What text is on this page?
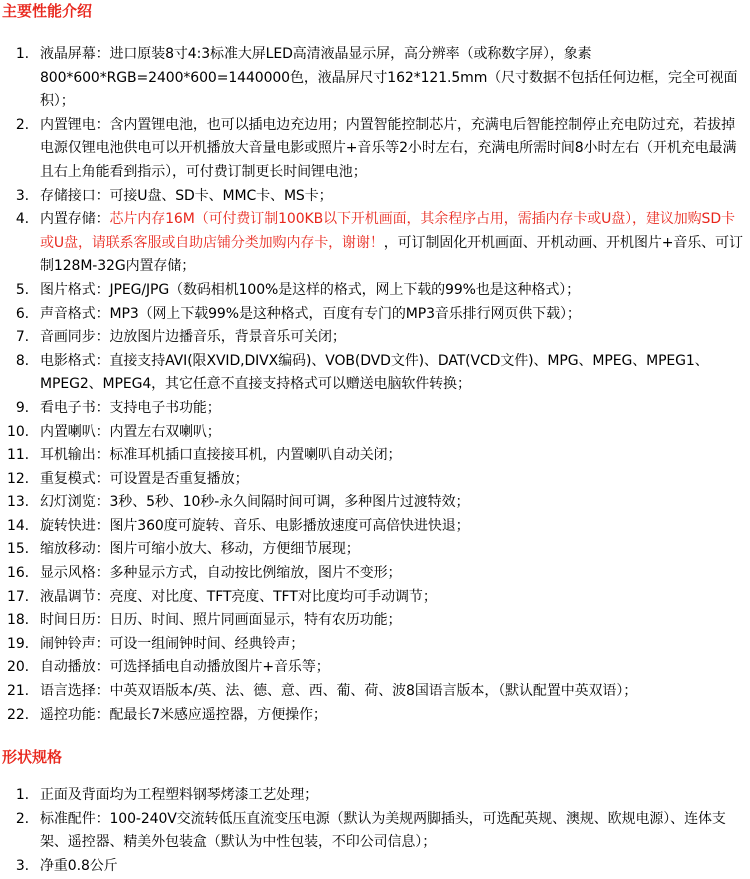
主要性能介绍
1. 液晶屏幕：进口原装8寸4:3标准大屏LED高清液晶显示屏，高分辨率（或称数字屏），象素800*600*RGB=2400*600=1440000色，液晶屏尺寸162*121.5mm（尺寸数据不包括任何边框，完全可视面积）；
2. 内置锂电：含内置锂电池，也可以插电边充边用；内置智能控制芯片，充满电后智能控制停止充电防过充，若拔掉电源仅锂电池供电可以开机播放大音量电影或照片+音乐等2小时左右，充满电所需时间8小时左右（开机充电最满且右上角能看到指示），可付费订制更长时间锂电池；
3. 存储接口：可接U盘、SD卡、MMC卡、MS卡；
4. 内置存储：芯片内存16M（可付费订制100KB以下开机画面，其余程序占用，需插内存卡或U盘），建议加购SD卡或U盘，请联系客服或自助店铺分类加购内存卡，谢谢！，可订制固化开机画面、开机动画、开机图片+音乐、可订制128M-32G内置存储；
5. 图片格式：JPEG/JPG（数码相机100%是这样的格式，网上下载的99%也是这种格式）；
6. 声音格式：MP3（网上下载99%是这种格式，百度有专门的MP3音乐排行网页供下载）；
7. 音画同步：边放图片边播音乐，背景音乐可关闭；
8. 电影格式：直接支持AVI(限XVID,DIVX编码)、VOB(DVD文件)、DAT(VCD文件)、MPG、MPEG、MPEG1、MPEG2、MPEG4，其它任意不直接支持格式可以赠送电脑软件转换；
9. 看电子书：支持电子书功能；
10. 内置喇叭：内置左右双喇叭；
11. 耳机输出：标准耳机插口直接接耳机，内置喇叭自动关闭；
12. 重复模式：可设置是否重复播放；
13. 幻灯浏览：3秒、5秒、10秒-永久间隔时间可调，多种图片过渡特效；
14. 旋转快进：图片360度可旋转、音乐、电影播放速度可高倍快进快退；
15. 缩放移动：图片可缩小放大、移动，方便细节展现；
16. 显示风格：多种显示方式，自动按比例缩放，图片不变形；
17. 液晶调节：亮度、对比度、TFT亮度、TFT对比度均可手动调节；
18. 时间日历：日历、时间、照片同画面显示，特有农历功能；
19. 闹钟铃声：可设一组闹钟时间、经典铃声；
20. 自动播放：可选择插电自动播放图片+音乐等；
21. 语言选择：中英双语版本/英、法、德、意、西、葡、荷、波8国语言版本，（默认配置中英双语）；
22. 遥控功能：配最长7米感应遥控器，方便操作；
形状规格
1. 正面及背面均为工程塑料钢琴烤漆工艺处理；
2. 标准配件：100-240V交流转低压直流变压电源（默认为美规两脚插头，可选配英规、澳规、欧规电源）、连体支架、遥控器、精美外包装盒（默认为中性包装，不印公司信息）；
3. 净重0.8公斤
